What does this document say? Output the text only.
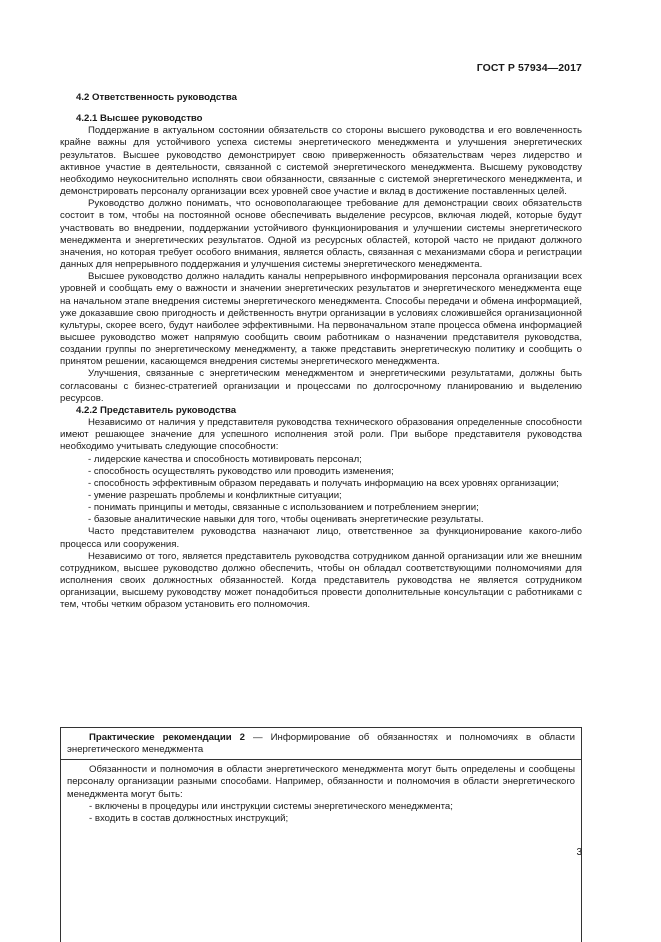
ГОСТ Р 57934—2017
4.2 Ответственность руководства
4.2.1 Высшее руководство

Поддержание в актуальном состоянии обязательств со стороны высшего руководства и его вовлеченность крайне важны для устойчивого успеха системы энергетического менеджмента и улучшения энергетических результатов. Высшее руководство демонстрирует свою приверженность обязательствам через лидерство и активное участие в деятельности, связанной с системой энергетического менеджмента. Высшему руководству необходимо неукоснительно исполнять свои обязанности, связанные с системой энергетического менеджмента, и демонстрировать персоналу организации всех уровней свое участие и вклад в достижение поставленных целей.

Руководство должно понимать, что основополагающее требование для демонстрации своих обязательств состоит в том, чтобы на постоянной основе обеспечивать выделение ресурсов, включая людей, которые будут участвовать во внедрении, поддержании устойчивого функционирования и улучшении системы энергетического менеджмента и энергетических результатов. Одной из ресурсных областей, которой часто не придают должного значения, но которая требует особого внимания, является область, связанная с механизмами сбора и регистрации данных для непрерывного поддержания и улучшения системы энергетического менеджмента.

Высшее руководство должно наладить каналы непрерывного информирования персонала организации всех уровней и сообщать ему о важности и значении энергетических результатов и энергетического менеджмента еще на начальном этапе внедрения системы энергетического менеджмента. Способы передачи и обмена информацией, уже доказавшие свою пригодность и действенность внутри организации в условиях сложившейся организационной культуры, скорее всего, будут наиболее эффективными. На первоначальном этапе процесса обмена информацией высшее руководство может напрямую сообщить своим работникам о назначении представителя руководства, создании группы по энергетическому менеджменту, а также представить энергетическую политику и сообщить о принятом решении, касающемся внедрения системы энергетического менеджмента.

Улучшения, связанные с энергетическим менеджментом и энергетическими результатами, должны быть согласованы с бизнес-стратегией организации и процессами по долгосрочному планированию и выделению ресурсов.

4.2.2 Представитель руководства

Независимо от наличия у представителя руководства технического образования определенные способности имеют решающее значение для успешного исполнения этой роли. При выборе представителя руководства необходимо учитывать следующие способности:

- лидерские качества и способность мотивировать персонал;
- способность осуществлять руководство или проводить изменения;
- способность эффективным образом передавать и получать информацию на всех уровнях организации;
- умение разрешать проблемы и конфликтные ситуации;
- понимать принципы и методы, связанные с использованием и потреблением энергии;
- базовые аналитические навыки для того, чтобы оценивать энергетические результаты.

Часто представителем руководства назначают лицо, ответственное за функционирование какого-либо процесса или сооружения.

Независимо от того, является представитель руководства сотрудником данной организации или же внешним сотрудником, высшее руководство должно обеспечить, чтобы он обладал соответствующими полномочиями для исполнения своих должностных обязанностей. Когда представитель руководства не является сотрудником организации, высшему руководству может понадобиться провести дополнительные консультации с работниками с тем, чтобы четким образом установить его полномочия.

Практические рекомендации 2 — Информирование об обязанностях и полномочиях в области энергетического менеджмента

Обязанности и полномочия в области энергетического менеджмента могут быть определены и сообщены персоналу организации разными способами. Например, обязанности и полномочия в области энергетического менеджмента могут быть:

- включены в процедуры или инструкции системы энергетического менеджмента;
- входить в состав должностных инструкций;
3
